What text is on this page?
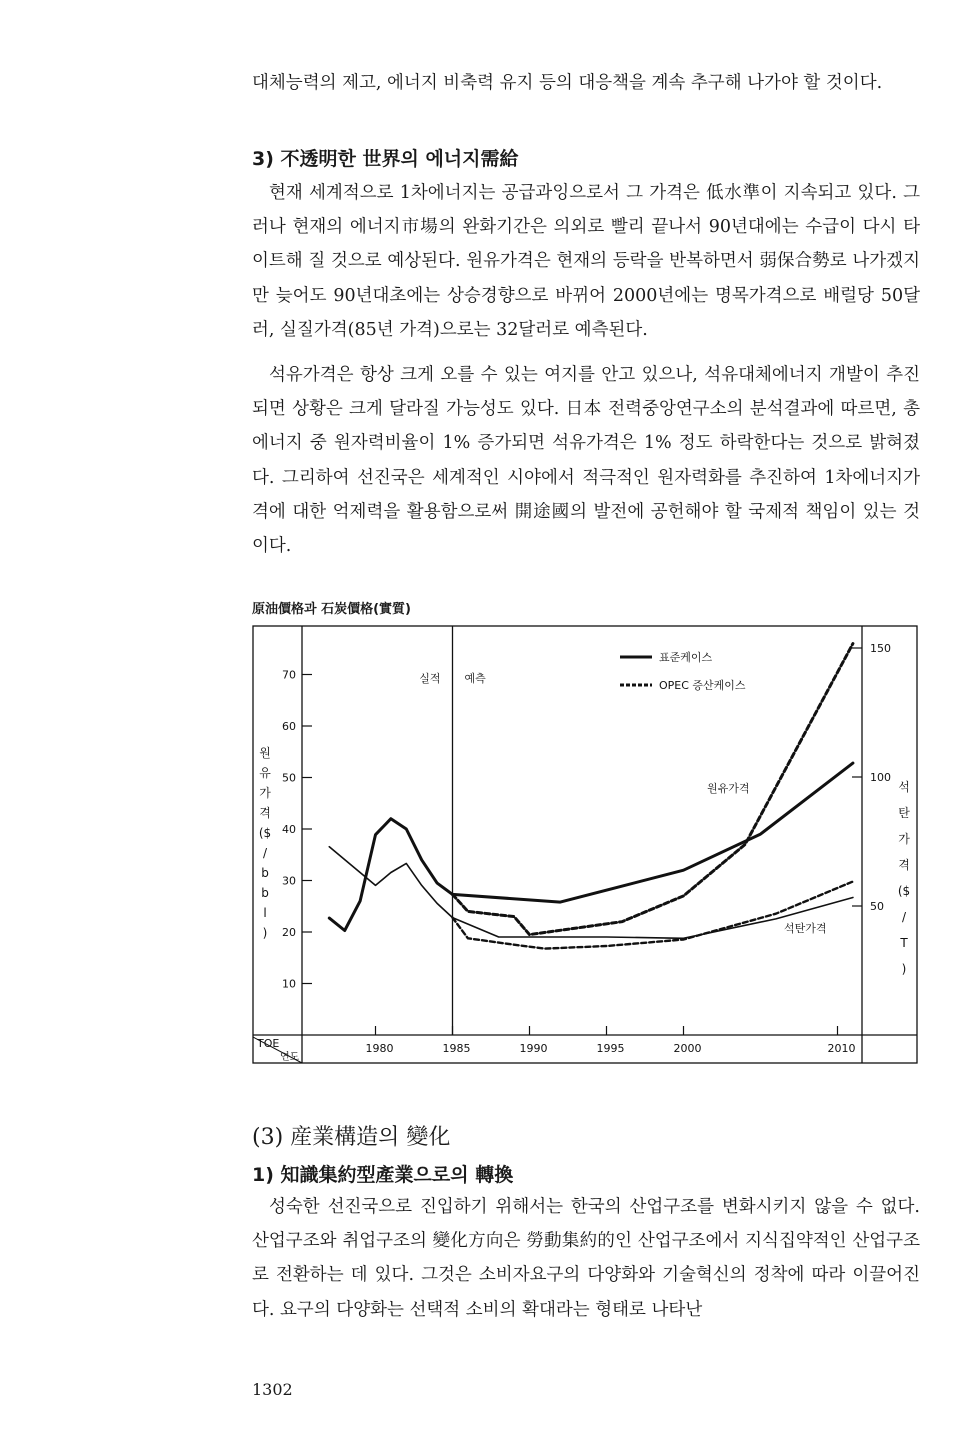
대체능력의 제고, 에너지 비축력 유지 등의 대응책을 계속 추구해 나가야 할 것이다.

3) 不透明한 世界의 에너지需給

현재 세계적으로 1차에너지는 공급과잉으로서 그 가격은 低水準이 지속되고 있다. 그러나 현재의 에너지市場의 완화기간은 의외로 빨리 끝나서 90년대에는 수급이 다시 타이트해 질 것으로 예상된다. 원유가격은 현재의 등락을 반복하면서 弱保合勢로 나가겠지만 늦어도 90년대초에는 상승경향으로 바뀌어 2000년에는 명목가격으로 배럴당 50달러, 실질가격(85년 가격)으로는 32달러로 예측된다.

석유가격은 항상 크게 오를 수 있는 여지를 안고 있으나, 석유대체에너지 개발이 추진되면 상황은 크게 달라질 가능성도 있다. 日本 전력중앙연구소의 분석결과에 따르면, 총 에너지 중 원자력비율이 1% 증가되면 석유가격은 1% 정도 하락한다는 것으로 밝혀졌다. 그리하여 선진국은 세계적인 시야에서 적극적인 원자력화를 추진하여 1차에너지가격에 대한 억제력을 활용함으로써 開途國의 발전에 공헌해야 할 국제적 책임이 있는 것이다.

原油價格과 石炭價格(實質)

TOE
연도
실적 예측
표준케이스
OPEC 증산케이스
원유가격
석탄가격
10
20
30
40
50
60
70
50
100
150
1980	1985	1990	1995	2000	2010
원
유
가
격
($
/
b
b
l
)
석
탄
가
격
($
/
T
)
(3) 産業構造의 變化
1) 知識集約型產業으로의 轉換

성숙한 선진국으로 진입하기 위해서는 한국의 산업구조를 변화시키지 않을 수 없다. 산업구조와 취업구조의 變化方向은 勞動集約的인 산업구조에서 지식집약적인 산업구조로 전환하는 데 있다. 그것은 소비자요구의 다양화와 기술혁신의 정착에 따라 이끌어진다. 요구의 다양화는 선택적 소비의 확대라는 형태로 나타난

1302
